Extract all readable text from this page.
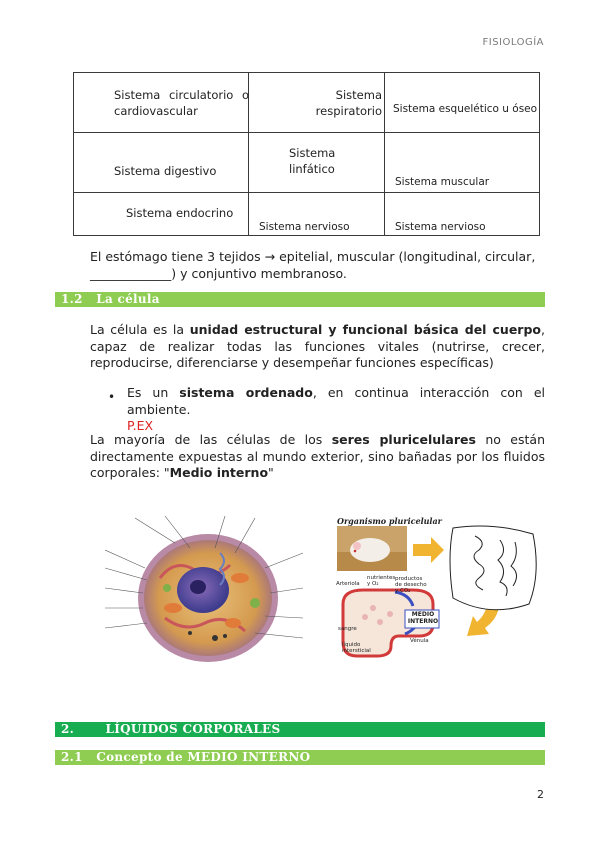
FISIOLOGÍA
Sistema circulatorio o cardiovascular	Sistema respiratorio	Sistema esquelético u óseo

Sistema digestivo	Sistema linfático	Sistema muscular

Sistema endocrino	Sistema nervioso	Sistema nervioso
El estómago tiene 3 tejidos → epitelial, muscular (longitudinal, circular,
_____________) y conjuntivo membranoso.
1.2 La célula
La célula es la unidad estructural y funcional básica del cuerpo, capaz de realizar todas las funciones vitales (nutrirse, crecer, reproducirse, diferenciarse y desempeñar funciones específicas)
• Es un sistema ordenado, en continua interacción con el ambiente.
P.EX
La mayoría de las células de los seres pluricelulares no están directamente expuestas al mundo exterior, sino bañadas por los fluidos corporales: "Medio interno"
Organismo pluricelular
Arteriola
nutrientes y O₂
productos de desecho y CO₂
MEDIO INTERNO
Vénula
sangre
líquido intersticial
2.	LÍQUIDOS CORPORALES
2.1 Concepto de MEDIO INTERNO
2
